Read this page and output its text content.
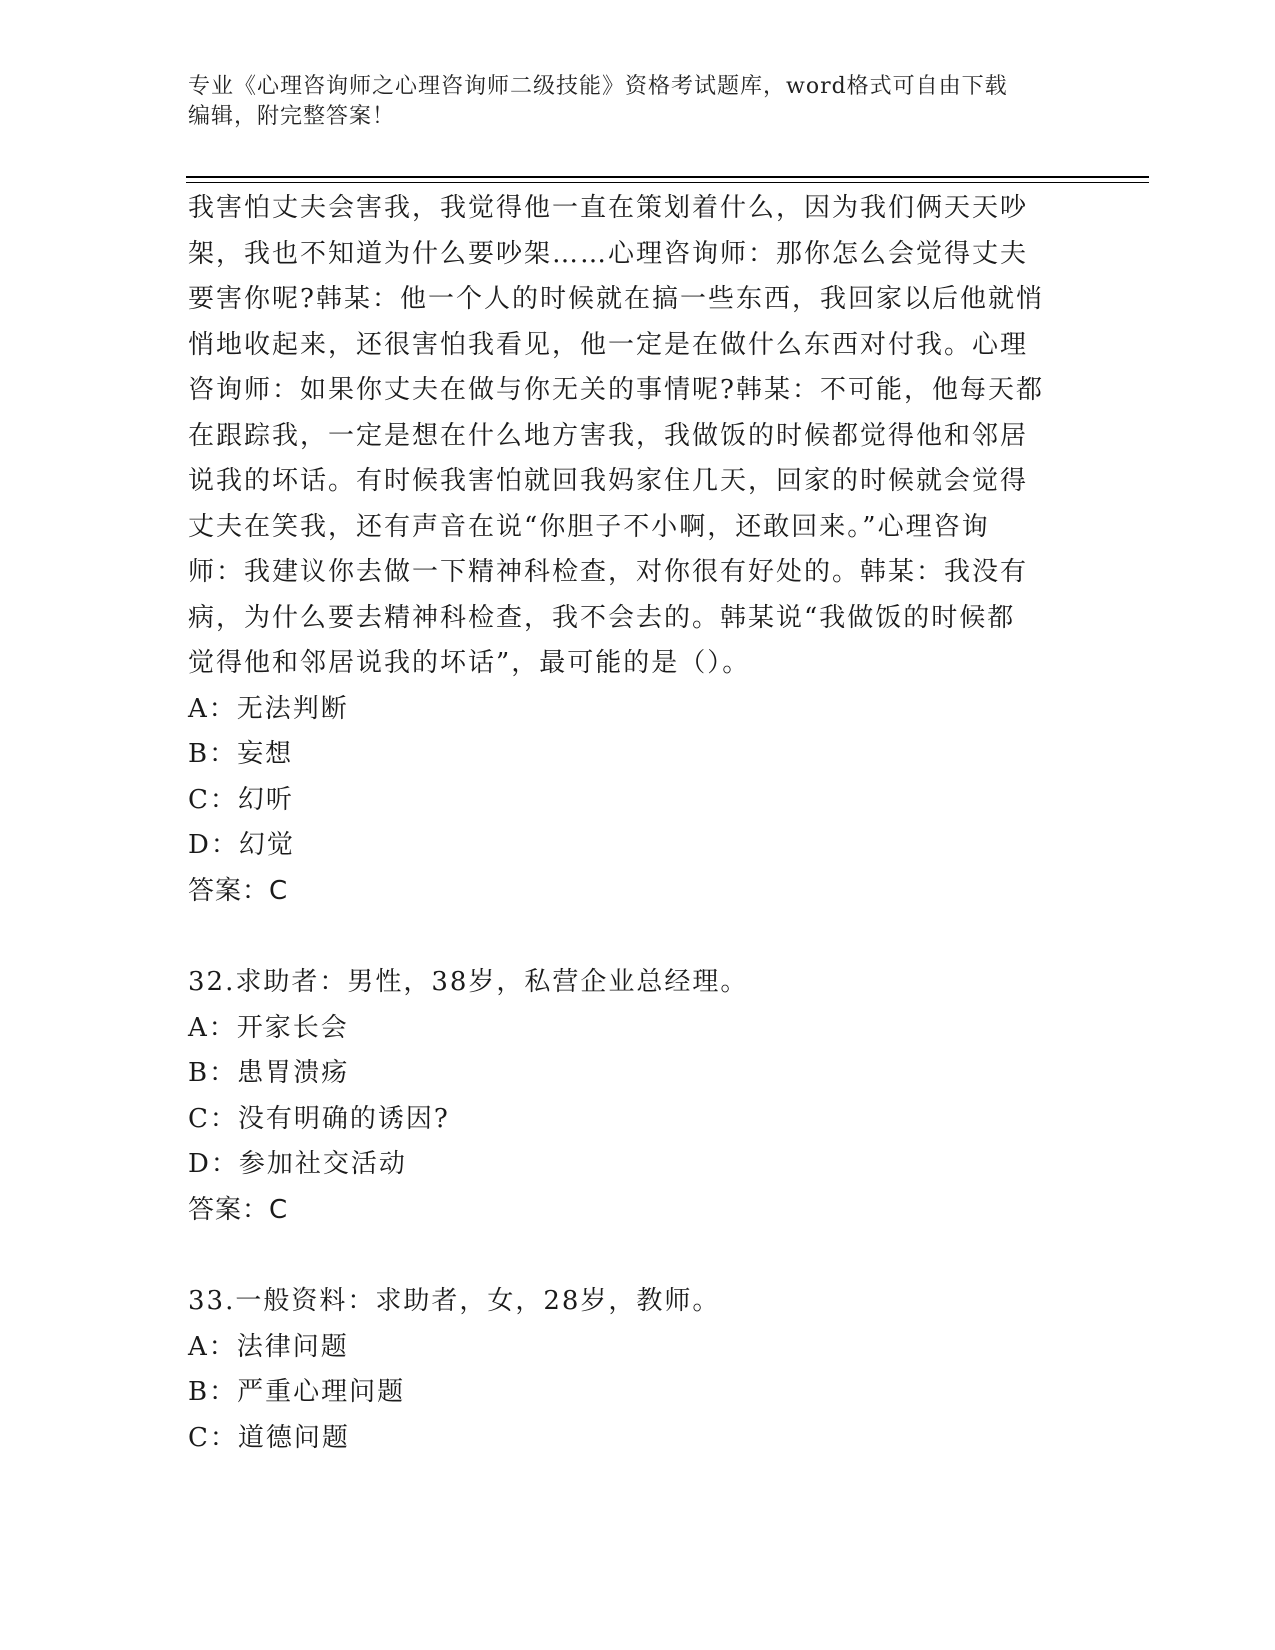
专业《心理咨询师之心理咨询师二级技能》资格考试题库，word格式可自由下载
编辑，附完整答案！
我害怕丈夫会害我，我觉得他一直在策划着什么，因为我们俩天天吵
架，我也不知道为什么要吵架……心理咨询师：那你怎么会觉得丈夫
要害你呢?韩某：他一个人的时候就在搞一些东西，我回家以后他就悄
悄地收起来，还很害怕我看见，他一定是在做什么东西对付我。心理
咨询师：如果你丈夫在做与你无关的事情呢?韩某：不可能，他每天都
在跟踪我，一定是想在什么地方害我，我做饭的时候都觉得他和邻居
说我的坏话。有时候我害怕就回我妈家住几天，回家的时候就会觉得
丈夫在笑我，还有声音在说“你胆子不小啊，还敢回来。”心理咨询
师：我建议你去做一下精神科检查，对你很有好处的。韩某：我没有
病，为什么要去精神科检查，我不会去的。韩某说“我做饭的时候都
觉得他和邻居说我的坏话”，最可能的是（）。
A：无法判断
B：妄想
C：幻听
D：幻觉
答案：C
32.求助者：男性，38岁，私营企业总经理。
A：开家长会
B：患胃溃疡
C：没有明确的诱因?
D：参加社交活动
答案：C
33.一般资料：求助者，女，28岁，教师。
A：法律问题
B：严重心理问题
C：道德问题
